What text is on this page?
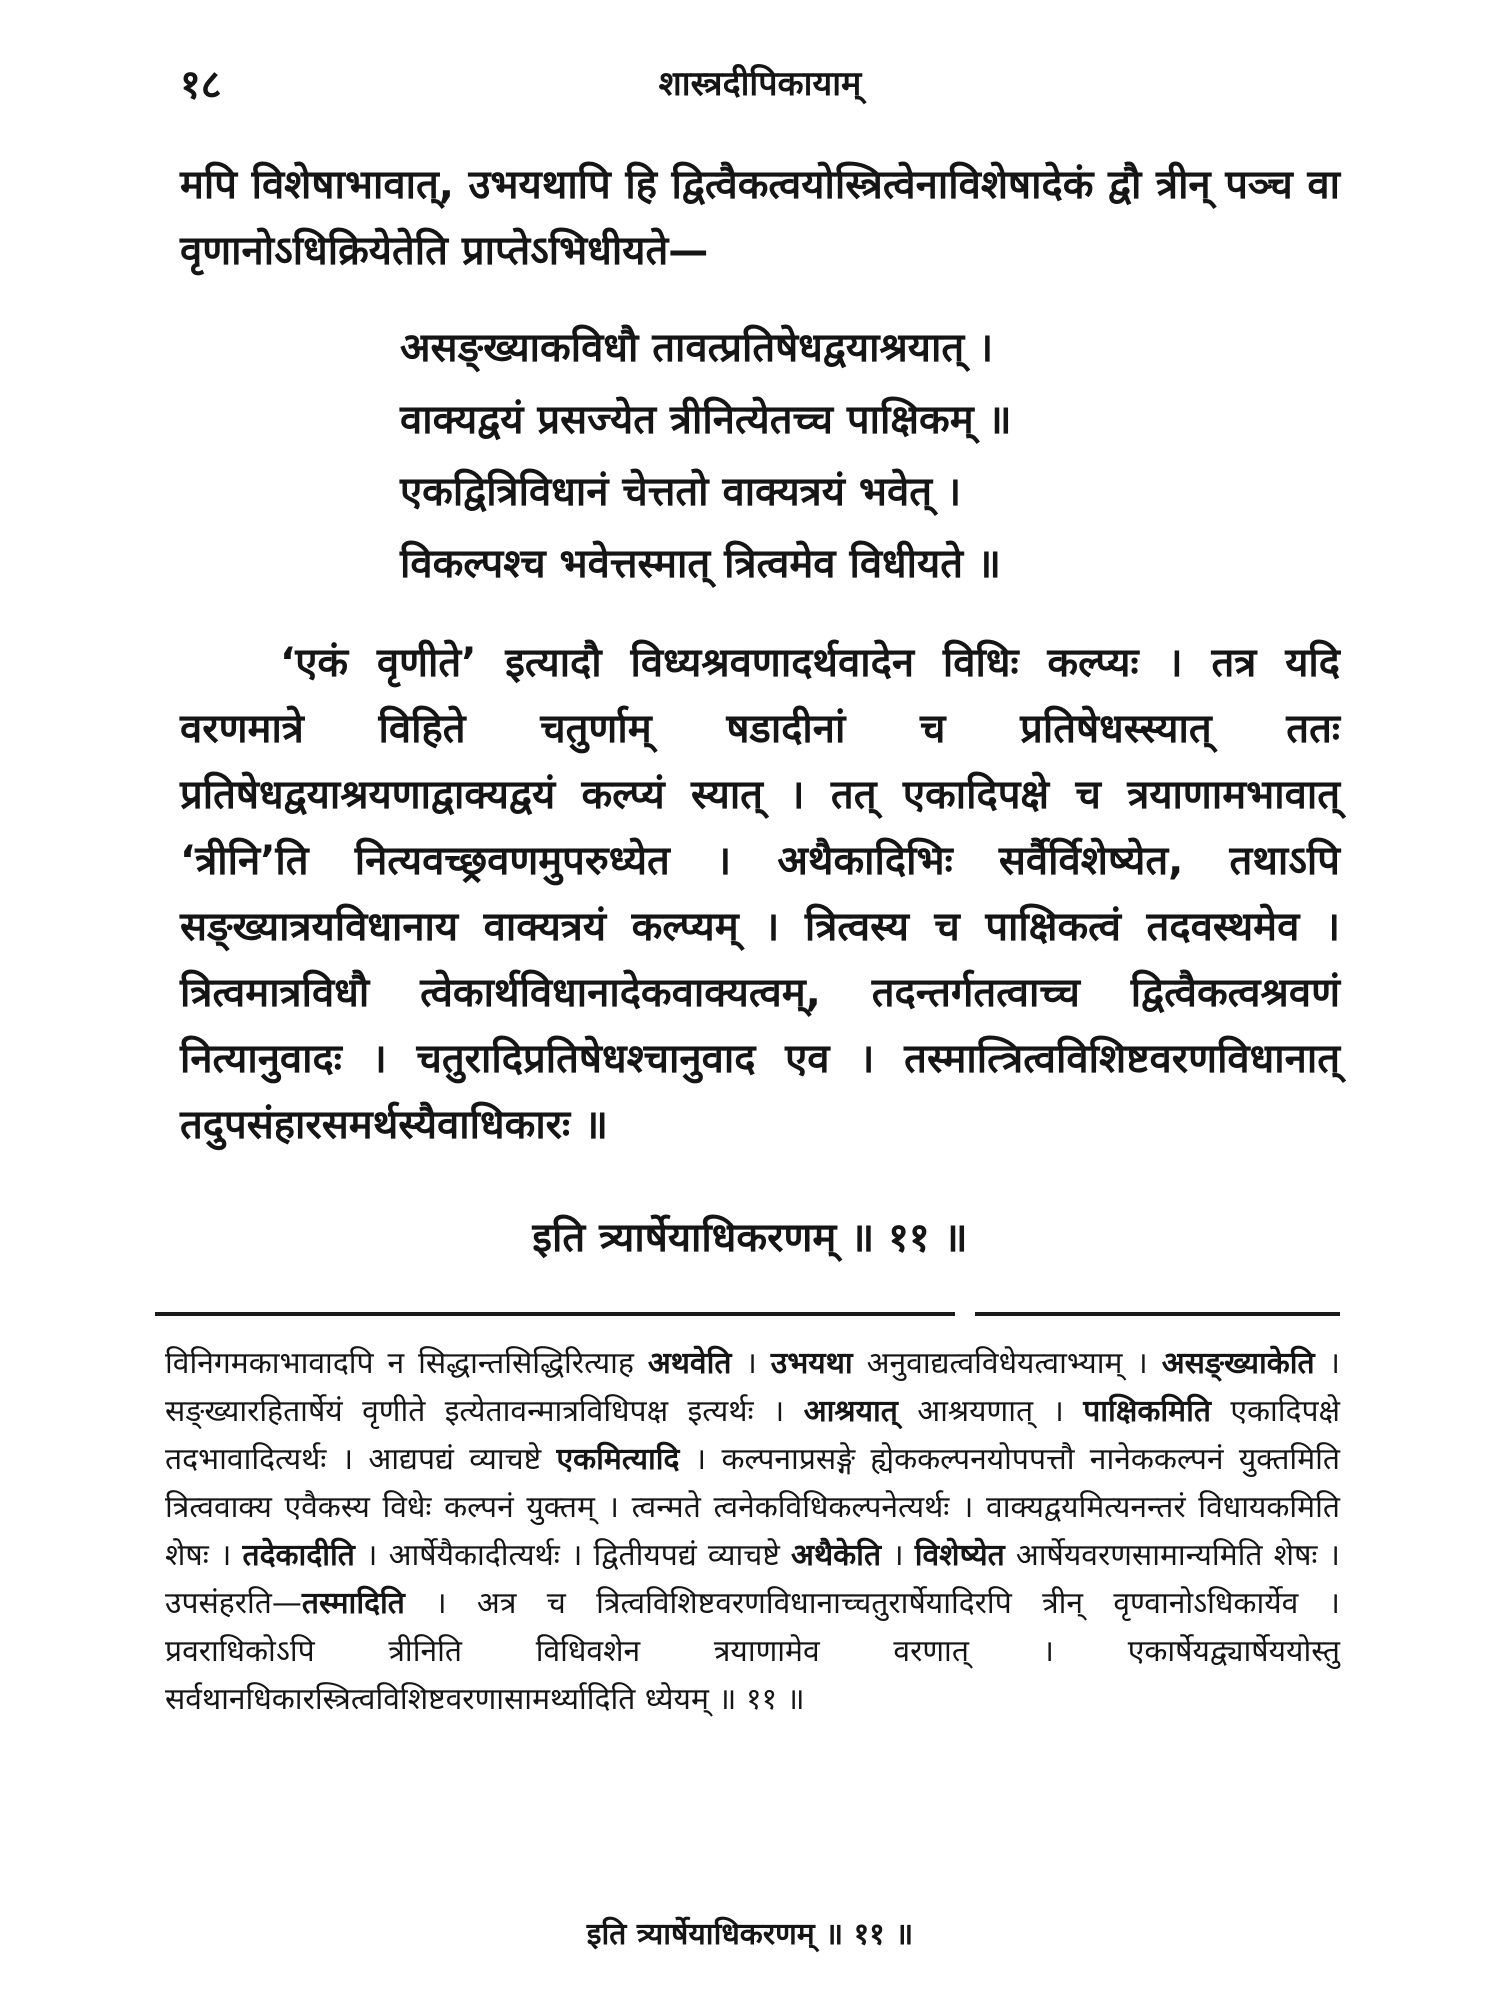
१८	शास्त्रदीपिकायाम्

मपि विशेषाभावात्, उभयथापि हि द्वित्वैकत्वयोस्त्रित्वेनाविशेषादेकं द्वौ त्रीन् पञ्च वा वृणानोऽधिक्रियेतेति प्राप्तेऽभिधीयते—

असङ्ख्याकविधौ तावत्प्रतिषेधद्वयाश्रयात् ।
वाक्यद्वयं प्रसज्येत त्रीनित्येतच्च पाक्षिकम् ॥
एकद्वित्रिविधानं चेत्ततो वाक्यत्रयं भवेत् ।
विकल्पश्च भवेत्तस्मात् त्रित्वमेव विधीयते ॥

‘एकं वृणीते’ इत्यादौ विध्यश्रवणादर्थवादेन विधिः कल्प्यः । तत्र यदि वरणमात्रे विहिते चतुर्णाम् षडादीनां च प्रतिषेधस्स्यात् ततः प्रतिषेधद्वयाश्रयणाद्वाक्यद्वयं कल्प्यं स्यात् । तत् एकादिपक्षे च त्रयाणामभावात् ‘त्रीनि’ति नित्यवच्छ्रवणमुपरुध्येत । अथैकादिभिः सर्वैर्विशेष्येत, तथाऽपि सङ्ख्यात्रयविधानाय वाक्यत्रयं कल्प्यम् । त्रित्वस्य च पाक्षिकत्वं तदवस्थमेव । त्रित्वमात्रविधौ त्वेकार्थविधानादेकवाक्यत्वम्, तदन्तर्गतत्वाच्च द्वित्वैकत्वश्रवणं नित्यानुवादः । चतुरादिप्रतिषेधश्चानुवाद एव । तस्मात्त्रित्वविशिष्टवरणविधानात् तदुपसंहारसमर्थस्यैवाधिकारः ॥

इति त्र्यार्षेयाधिकरणम् ॥ ११ ॥

विनिगमकाभावादपि न सिद्धान्तसिद्धिरित्याह अथवेति । उभयथा अनुवाद्यत्वविधेयत्वाभ्याम् । असङ्ख्याकेति । सङ्ख्यारहितार्षेयं वृणीते इत्येतावन्मात्रविधिपक्ष इत्यर्थः । आश्रयात् आश्रयणात् । पाक्षिकमिति एकादिपक्षे तदभावादित्यर्थः । आद्यपद्यं व्याचष्टे एकमित्यादि । कल्पनाप्रसङ्गे ह्येककल्पनयोपपत्तौ नानेककल्पनं युक्तमिति त्रित्ववाक्य एवैकस्य विधेः कल्पनं युक्तम् । त्वन्मते त्वनेकविधिकल्पनेत्यर्थः । वाक्यद्वयमित्यनन्तरं विधायकमिति शेषः । तदेकादीति । आर्षेयैकादीत्यर्थः । द्वितीयपद्यं व्याचष्टे अथैकेति । विशेष्येत आर्षेयवरणसामान्यमिति शेषः । उपसंहरति—तस्मादिति । अत्र च त्रित्वविशिष्टवरणविधानाच्चतुरार्षेयादिरपि त्रीन् वृण्वानोऽधिकार्येव । प्रवराधिकोऽपि त्रीनिति विधिवशेन त्रयाणामेव वरणात् । एकार्षेयद्व्यार्षेययोस्तु सर्वथानधिकारस्त्रित्वविशिष्टवरणासामर्थ्यादिति ध्येयम् ॥ ११ ॥

इति त्र्यार्षेयाधिकरणम् ॥ ११ ॥
